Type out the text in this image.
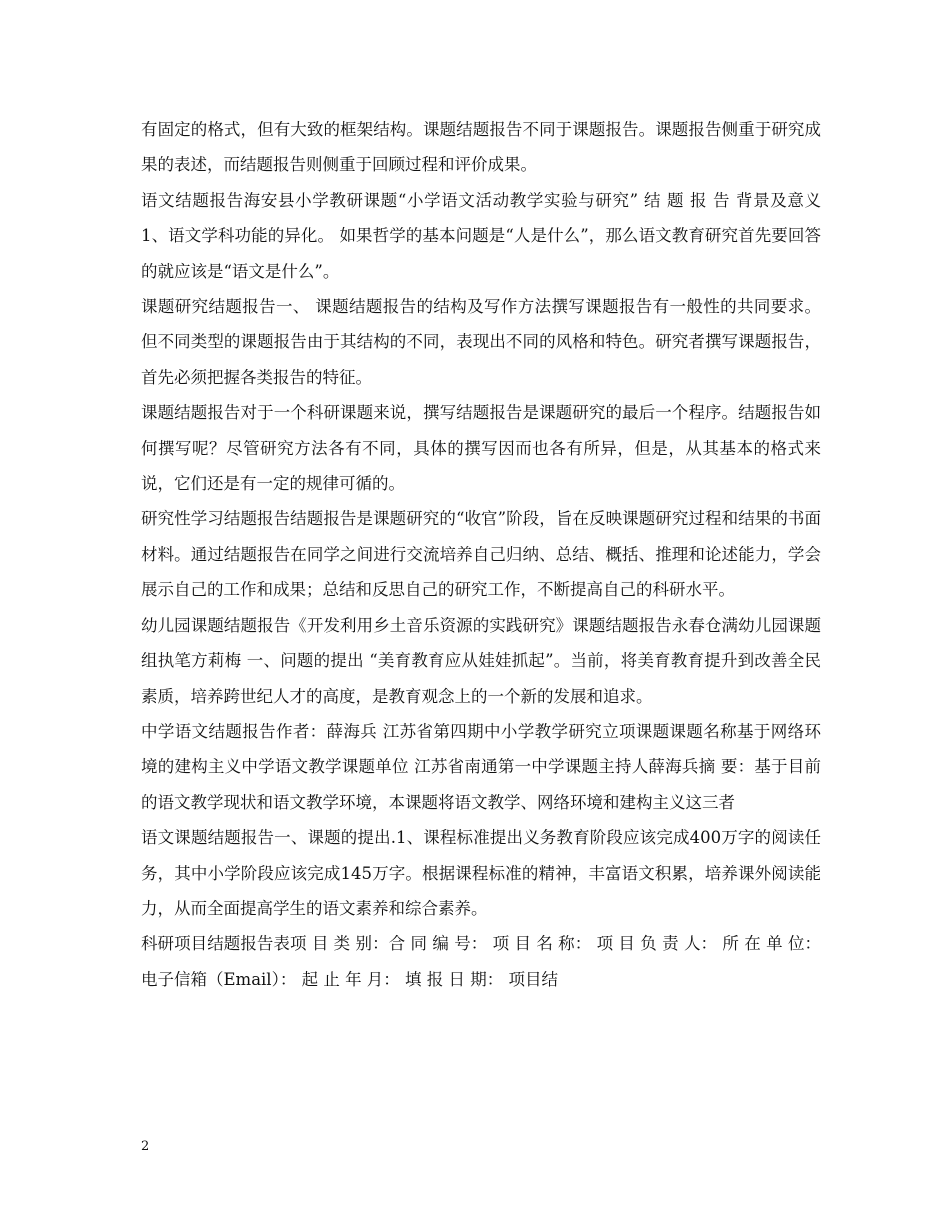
有固定的格式，但有大致的框架结构。课题结题报告不同于课题报告。课题报告侧重于研究成果的表述，而结题报告则侧重于回顾过程和评价成果。

语文结题报告海安县小学教研课题“小学语文活动教学实验与研究” 结 题 报 告 背景及意义 1、语文学科功能的异化。 如果哲学的基本问题是“人是什么”，那么语文教育研究首先要回答的就应该是“语文是什么”。

课题研究结题报告一、 课题结题报告的结构及写作方法撰写课题报告有一般性的共同要求。但不同类型的课题报告由于其结构的不同，表现出不同的风格和特色。研究者撰写课题报告，首先必须把握各类报告的特征。

课题结题报告对于一个科研课题来说，撰写结题报告是课题研究的最后一个程序。结题报告如何撰写呢？尽管研究方法各有不同，具体的撰写因而也各有所异，但是，从其基本的格式来说，它们还是有一定的规律可循的。

研究性学习结题报告结题报告是课题研究的“收官”阶段，旨在反映课题研究过程和结果的书面材料。通过结题报告在同学之间进行交流培养自己归纳、总结、概括、推理和论述能力，学会展示自己的工作和成果；总结和反思自己的研究工作，不断提高自己的科研水平。

幼儿园课题结题报告《开发利用乡土音乐资源的实践研究》课题结题报告永春仓满幼儿园课题组执笔方莉梅 一、问题的提出 “美育教育应从娃娃抓起”。当前，将美育教育提升到改善全民素质，培养跨世纪人才的高度，是教育观念上的一个新的发展和追求。

中学语文结题报告作者：薛海兵 江苏省第四期中小学教学研究立项课题课题名称基于网络环境的建构主义中学语文教学课题单位 江苏省南通第一中学课题主持人薛海兵摘 要：基于目前的语文教学现状和语文教学环境，本课题将语文教学、网络环境和建构主义这三者

语文课题结题报告一、课题的提出.1、课程标准提出义务教育阶段应该完成400万字的阅读任务，其中小学阶段应该完成145万字。根据课程标准的精神，丰富语文积累，培养课外阅读能力，从而全面提高学生的语文素养和综合素养。

科研项目结题报告表项 目 类 别：合 同 编 号： 项 目 名 称： 项 目 负 责 人： 所 在 单 位：电子信箱（Email）： 起 止 年 月： 填 报 日 期： 项目结

2
